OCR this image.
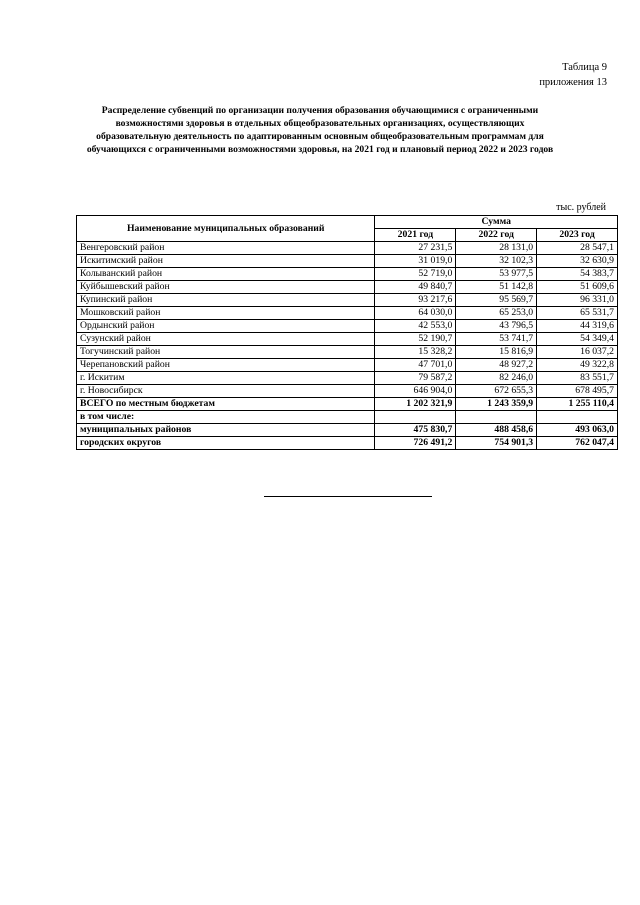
Таблица 9
приложения 13
Распределение субвенций по организации получения образования обучающимися с ограниченными возможностями здоровья в отдельных общеобразовательных организациях, осуществляющих образовательную деятельность по адаптированным основным общеобразовательным программам для обучающихся с ограниченными возможностями здоровья, на 2021 год и плановый период 2022 и 2023 годов
тыс. рублей
Наименование муниципальных образований	Сумма		
	2021 год	2022 год	2023 год
Венгеровский район	27 231,5	28 131,0	28 547,1
Искитимский район	31 019,0	32 102,3	32 630,9
Колыванский район	52 719,0	53 977,5	54 383,7
Куйбышевский район	49 840,7	51 142,8	51 609,6
Купинский район	93 217,6	95 569,7	96 331,0
Мошковский район	64 030,0	65 253,0	65 531,7
Ордынский район	42 553,0	43 796,5	44 319,6
Сузунский район	52 190,7	53 741,7	54 349,4
Тогучинский район	15 328,2	15 816,9	16 037,2
Черепановский район	47 701,0	48 927,2	49 322,8
г. Искитим	79 587,2	82 246,0	83 551,7
г. Новосибирск	646 904,0	672 655,3	678 495,7
ВСЕГО по местным бюджетам	1 202 321,9	1 243 359,9	1 255 110,4
в том числе:			
муниципальных районов	475 830,7	488 458,6	493 063,0
городских округов	726 491,2	754 901,3	762 047,4
